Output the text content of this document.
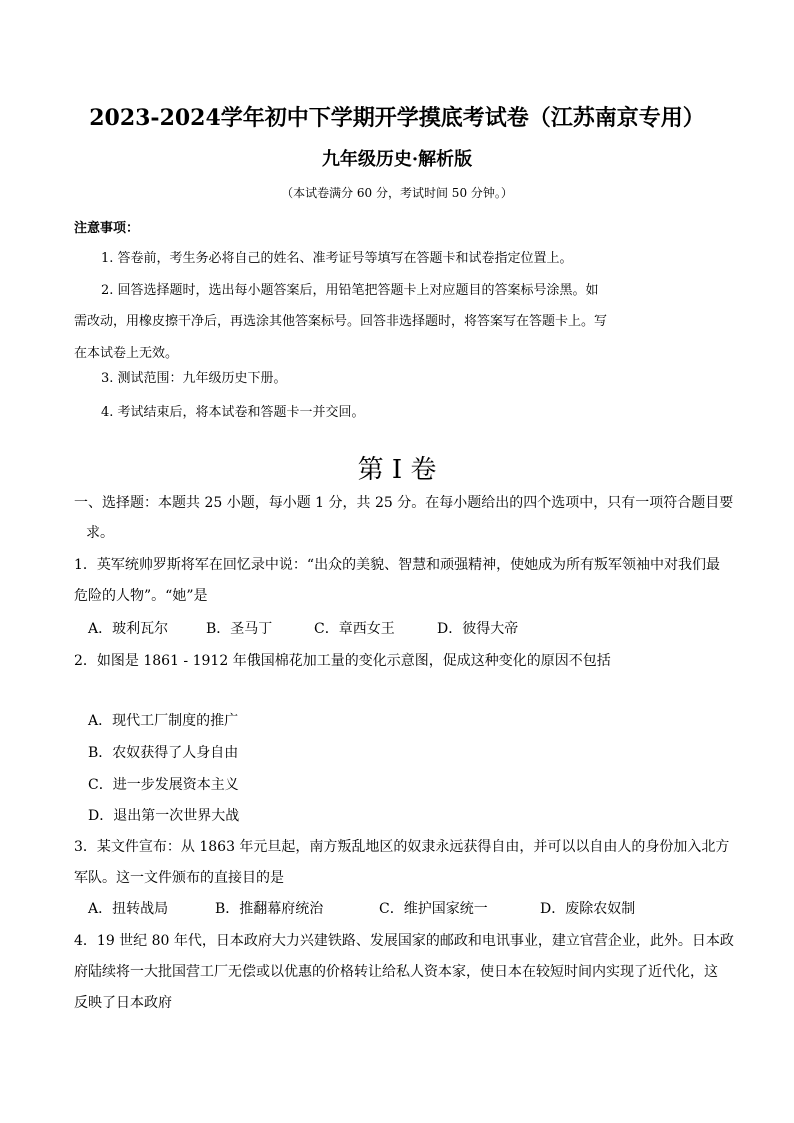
2023-2024学年初中下学期开学摸底考试卷（江苏南京专用）
九年级历史·解析版
（本试卷满分 60 分，考试时间 50 分钟。）
注意事项：
1. 答卷前，考生务必将自己的姓名、准考证号等填写在答题卡和试卷指定位置上。
2. 回答选择题时，选出每小题答案后，用铅笔把答题卡上对应题目的答案标号涂黑。如
需改动，用橡皮擦干净后，再选涂其他答案标号。回答非选择题时，将答案写在答题卡上。写
在本试卷上无效。
3. 测试范围：九年级历史下册。
4. 考试结束后，将本试卷和答题卡一并交回。
第 I 卷
一、选择题：本题共 25 小题，每小题 1 分，共 25 分。在每小题给出的四个选项中，只有一项符合题目要
求。
1．英军统帅罗斯将军在回忆录中说：“出众的美貌、智慧和顽强精神，使她成为所有叛军领袖中对我们最
危险的人物”。“她”是
A．玻利瓦尔	B．圣马丁	C．章西女王	D．彼得大帝
2．如图是 1861 - 1912 年俄国棉花加工量的变化示意图，促成这种变化的原因不包括
A．现代工厂制度的推广
B．农奴获得了人身自由
C．进一步发展资本主义
D．退出第一次世界大战
3．某文件宣布：从 1863 年元旦起，南方叛乱地区的奴隶永远获得自由，并可以以自由人的身份加入北方
军队。这一文件颁布的直接目的是
A．扭转战局	B．推翻幕府统治	C．维护国家统一	D．废除农奴制
4．19 世纪 80 年代，日本政府大力兴建铁路、发展国家的邮政和电讯事业，建立官营企业，此外。日本政
府陆续将一大批国营工厂无偿或以优惠的价格转让给私人资本家，使日本在较短时间内实现了近代化，这
反映了日本政府
